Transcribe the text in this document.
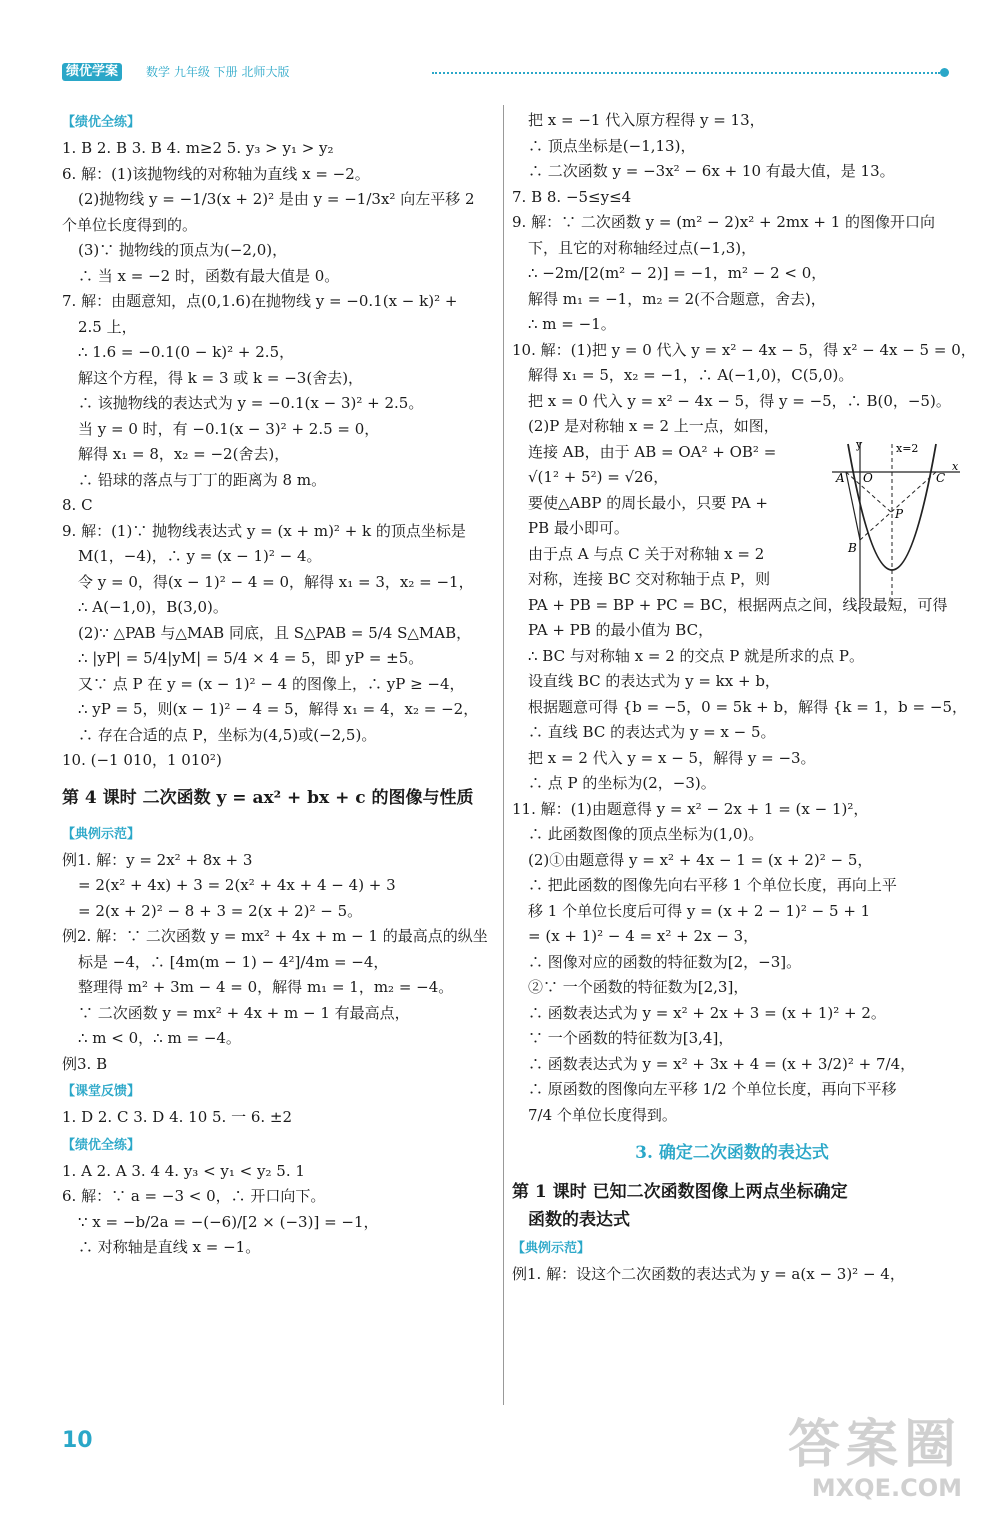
绩优学案	数学 九年级 下册 北师大版
【绩优全练】
1. B 2. B 3. B 4. m≥2 5. y₃ > y₁ > y₂
6. 解：(1)该抛物线的对称轴为直线 x = −2。
(2)抛物线 y = −1/3(x + 2)² 是由 y = −1/3x² 向左平移 2
个单位长度得到的。
(3)∵ 抛物线的顶点为(−2,0)，
∴ 当 x = −2 时，函数有最大值是 0。
7. 解：由题意知，点(0,1.6)在抛物线 y = −0.1(x − k)² +
2.5 上，
∴ 1.6 = −0.1(0 − k)² + 2.5，
解这个方程，得 k = 3 或 k = −3(舍去)，
∴ 该抛物线的表达式为 y = −0.1(x − 3)² + 2.5。
当 y = 0 时，有 −0.1(x − 3)² + 2.5 = 0，
解得 x₁ = 8，x₂ = −2(舍去)，
∴ 铅球的落点与丁丁的距离为 8 m。
8. C
9. 解：(1)∵ 抛物线表达式 y = (x + m)² + k 的顶点坐标是
M(1，−4)，∴ y = (x − 1)² − 4。
令 y = 0，得(x − 1)² − 4 = 0，解得 x₁ = 3，x₂ = −1，
∴ A(−1,0)，B(3,0)。
(2)∵ △PAB 与△MAB 同底，且 S△PAB = 5/4 S△MAB，
∴ |yP| = 5/4|yM| = 5/4 × 4 = 5，即 yP = ±5。
又∵ 点 P 在 y = (x − 1)² − 4 的图像上，∴ yP ≥ −4，
∴ yP = 5，则(x − 1)² − 4 = 5，解得 x₁ = 4，x₂ = −2，
∴ 存在合适的点 P，坐标为(4,5)或(−2,5)。
10. (−1 010，1 010²)
第 4 课时 二次函数 y = ax² + bx + c 的图像与性质
【典例示范】
例1. 解：y = 2x² + 8x + 3
= 2(x² + 4x) + 3 = 2(x² + 4x + 4 − 4) + 3
= 2(x + 2)² − 8 + 3 = 2(x + 2)² − 5。
例2. 解：∵ 二次函数 y = mx² + 4x + m − 1 的最高点的纵坐
标是 −4，∴ [4m(m − 1) − 4²]/4m = −4，
整理得 m² + 3m − 4 = 0，解得 m₁ = 1，m₂ = −4。
∵ 二次函数 y = mx² + 4x + m − 1 有最高点，
∴ m < 0，∴ m = −4。
例3. B
【课堂反馈】
1. D 2. C 3. D 4. 10 5. 一 6. ±2
【绩优全练】
1. A 2. A 3. 4 4. y₃ < y₁ < y₂ 5. 1
6. 解：∵ a = −3 < 0，∴ 开口向下。
∵ x = −b/2a = −(−6)/[2 × (−3)] = −1，
∴ 对称轴是直线 x = −1。
y	x=2
x
A O	C
P
B
把 x = −1 代入原方程得 y = 13，
∴ 顶点坐标是(−1,13)，
∴ 二次函数 y = −3x² − 6x + 10 有最大值，是 13。
7. B 8. −5≤y≤4
9. 解：∵ 二次函数 y = (m² − 2)x² + 2mx + 1 的图像开口向
下，且它的对称轴经过点(−1,3)，
∴ −2m/[2(m² − 2)] = −1，m² − 2 < 0，
解得 m₁ = −1，m₂ = 2(不合题意，舍去)，
∴ m = −1。
10. 解：(1)把 y = 0 代入 y = x² − 4x − 5，得 x² − 4x − 5 = 0，
解得 x₁ = 5，x₂ = −1，∴ A(−1,0)，C(5,0)。
把 x = 0 代入 y = x² − 4x − 5，得 y = −5，∴ B(0，−5)。
(2)P 是对称轴 x = 2 上一点，如图，
连接 AB，由于 AB = OA² + OB² =
√(1² + 5²) = √26，
要使△ABP 的周长最小，只要 PA +
PB 最小即可。
由于点 A 与点 C 关于对称轴 x = 2
对称，连接 BC 交对称轴于点 P，则
PA + PB = BP + PC = BC，根据两点之间，线段最短，可得
PA + PB 的最小值为 BC，
∴ BC 与对称轴 x = 2 的交点 P 就是所求的点 P。
设直线 BC 的表达式为 y = kx + b，
根据题意可得 {b = −5，0 = 5k + b，解得 {k = 1，b = −5，
∴ 直线 BC 的表达式为 y = x − 5。
把 x = 2 代入 y = x − 5，解得 y = −3。
∴ 点 P 的坐标为(2，−3)。
11. 解：(1)由题意得 y = x² − 2x + 1 = (x − 1)²，
∴ 此函数图像的顶点坐标为(1,0)。
(2)①由题意得 y = x² + 4x − 1 = (x + 2)² − 5，
∴ 把此函数的图像先向右平移 1 个单位长度，再向上平
移 1 个单位长度后可得 y = (x + 2 − 1)² − 5 + 1
= (x + 1)² − 4 = x² + 2x − 3，
∴ 图像对应的函数的特征数为[2，−3]。
②∵ 一个函数的特征数为[2,3]，
∴ 函数表达式为 y = x² + 2x + 3 = (x + 1)² + 2。
∵ 一个函数的特征数为[3,4]，
∴ 函数表达式为 y = x² + 3x + 4 = (x + 3/2)² + 7/4，
∴ 原函数的图像向左平移 1/2 个单位长度，再向下平移
7/4 个单位长度得到。
3. 确定二次函数的表达式
第 1 课时 已知二次函数图像上两点坐标确定
函数的表达式
【典例示范】
例1. 解：设这个二次函数的表达式为 y = a(x − 3)² − 4，
10	答案圈
MXQE.COM
